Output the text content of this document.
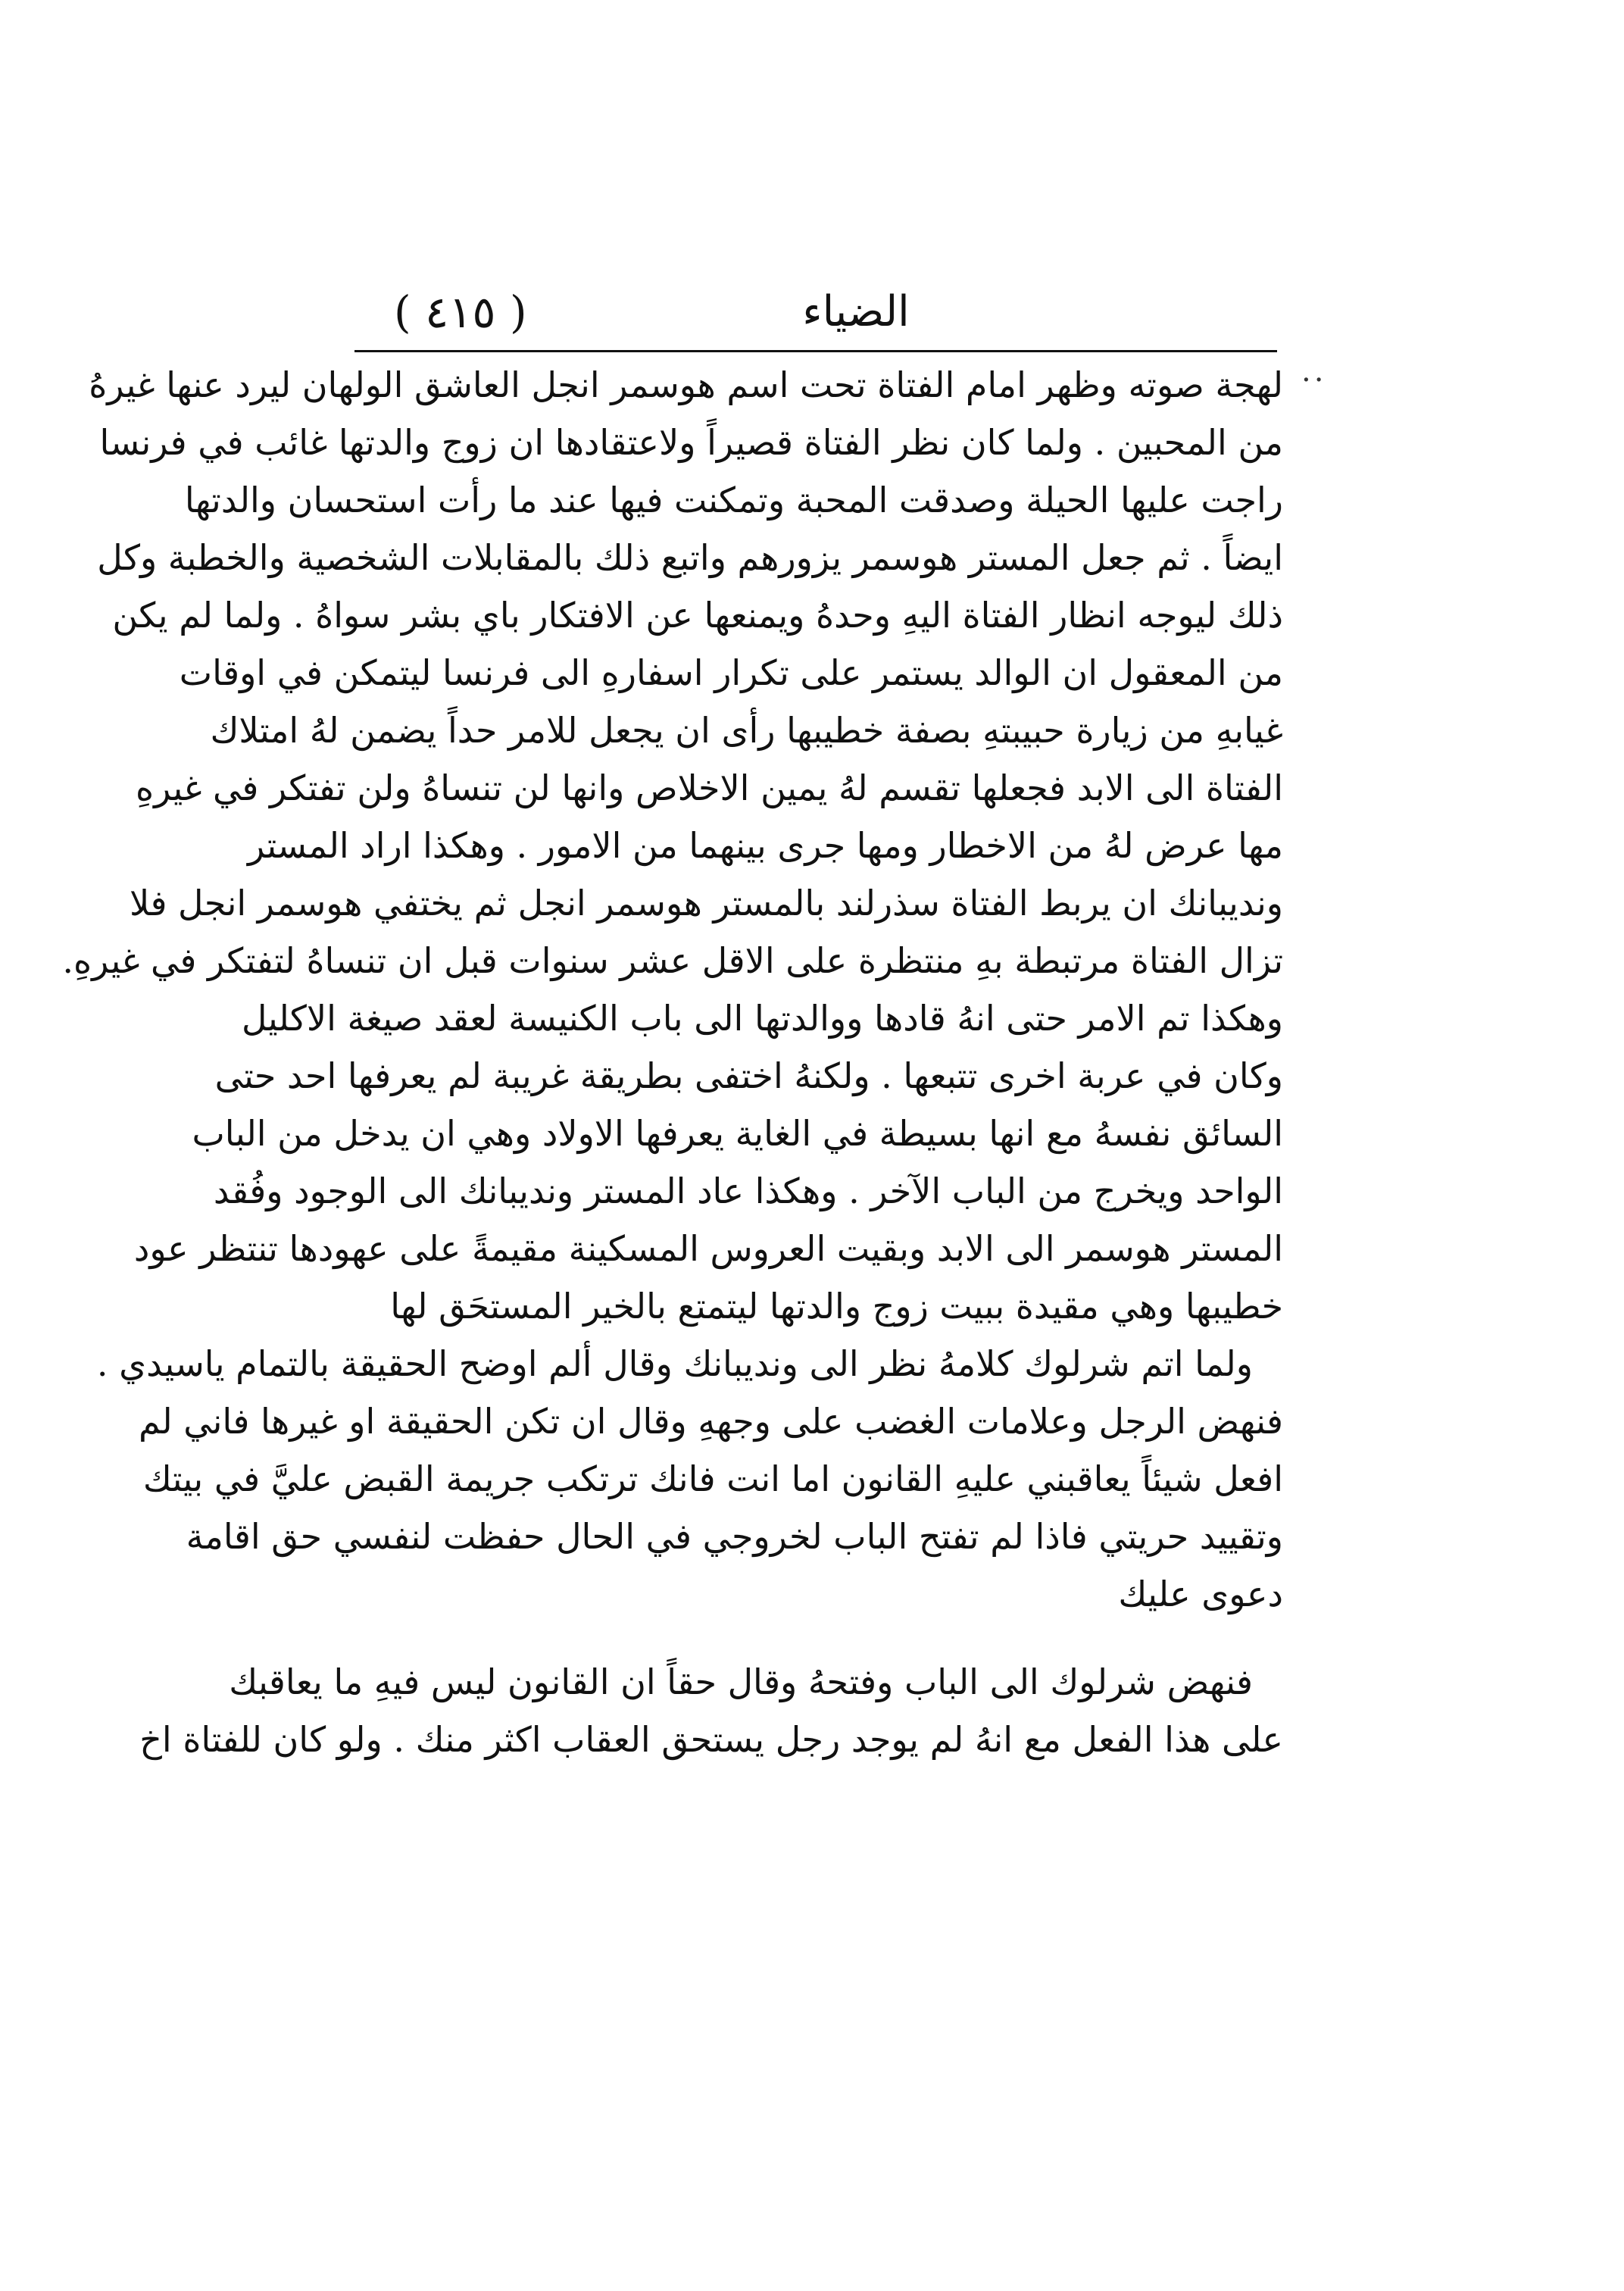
( ٤١٥ )	الضياء
..
لهجة صوته وظهر امام الفتاة تحت اسم هوسمر انجل العاشق الولهان ليرد عنها غيرهُ
من المحبين . ولما كان نظر الفتاة قصيراً ولاعتقادها ان زوج والدتها غائب في فرنسا
راجت عليها الحيلة وصدقت المحبة وتمكنت فيها عند ما رأت استحسان والدتها
ايضاً . ثم جعل المستر هوسمر يزورهم واتبع ذلك بالمقابلات الشخصية والخطبة وكل
ذلك ليوجه انظار الفتاة اليهِ وحدهُ ويمنعها عن الافتكار باي بشر سواهُ . ولما لم يكن
من المعقول ان الوالد يستمر على تكرار اسفارهِ الى فرنسا ليتمكن في اوقات
غيابهِ من زيارة حبيبتهِ بصفة خطيبها رأى ان يجعل للامر حداً يضمن لهُ امتلاك
الفتاة الى الابد فجعلها تقسم لهُ يمين الاخلاص وانها لن تنساهُ ولن تفتكر في غيرهِ
مها عرض لهُ من الاخطار ومها جرى بينهما من الامور . وهكذا اراد المستر
ونديبانك ان يربط الفتاة سذرلند بالمستر هوسمر انجل ثم يختفي هوسمر انجل فلا
تزال الفتاة مرتبطة بهِ منتظرة على الاقل عشر سنوات قبل ان تنساهُ لتفتكر في غيرهِ.
وهكذا تم الامر حتى انهُ قادها ووالدتها الى باب الكنيسة لعقد صيغة الاكليل
وكان في عربة اخرى تتبعها . ولكنهُ اختفى بطريقة غريبة لم يعرفها احد حتى
السائق نفسهُ مع انها بسيطة في الغاية يعرفها الاولاد وهي ان يدخل من الباب
الواحد ويخرج من الباب الآخر . وهكذا عاد المستر ونديبانك الى الوجود وفُقد
المستر هوسمر الى الابد وبقيت العروس المسكينة مقيمةً على عهودها تنتظر عود
خطيبها وهي مقيدة ببيت زوج والدتها ليتمتع بالخير المستحَق لها
ولما اتم شرلوك كلامهُ نظر الى ونديبانك وقال ألم اوضح الحقيقة بالتمام ياسيدي .
فنهض الرجل وعلامات الغضب على وجههِ وقال ان تكن الحقيقة او غيرها فاني لم
افعل شيئاً يعاقبني عليهِ القانون اما انت فانك ترتكب جريمة القبض عليَّ في بيتك
وتقييد حريتي فاذا لم تفتح الباب لخروجي في الحال حفظت لنفسي حق اقامة
دعوى عليك
فنهض شرلوك الى الباب وفتحهُ وقال حقاً ان القانون ليس فيهِ ما يعاقبك
على هذا الفعل مع انهُ لم يوجد رجل يستحق العقاب اكثر منك . ولو كان للفتاة اخ
